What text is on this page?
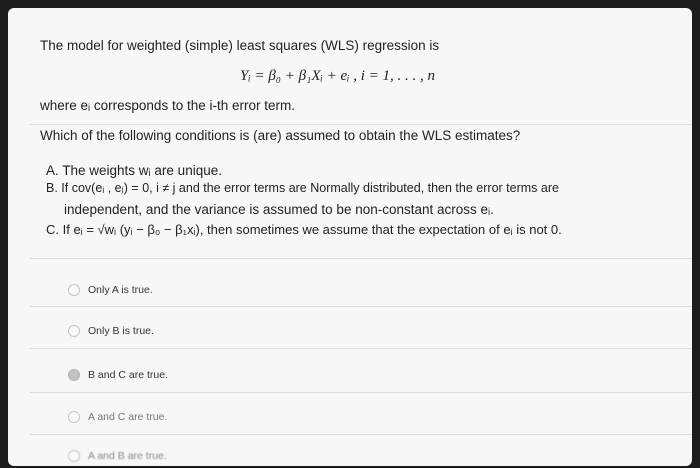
The model for weighted (simple) least squares (WLS) regression is
Yᵢ = β₀ + β₁Xᵢ + eᵢ , i = 1, . . . , n
where eᵢ corresponds to the i-th error term.
Which of the following conditions is (are) assumed to obtain the WLS estimates?
A. The weights wᵢ are unique.
B. If cov(eᵢ , eⱼ) = 0, i ≠ j and the error terms are Normally distributed, then the error terms are
independent, and the variance is assumed to be non-constant across eᵢ.
C. If eᵢ = √wᵢ (yᵢ − β₀ − β₁xᵢ), then sometimes we assume that the expectation of eᵢ is not 0.
Only A is true.
Only B is true.
B and C are true.
A and C are true.
A and B are true.
